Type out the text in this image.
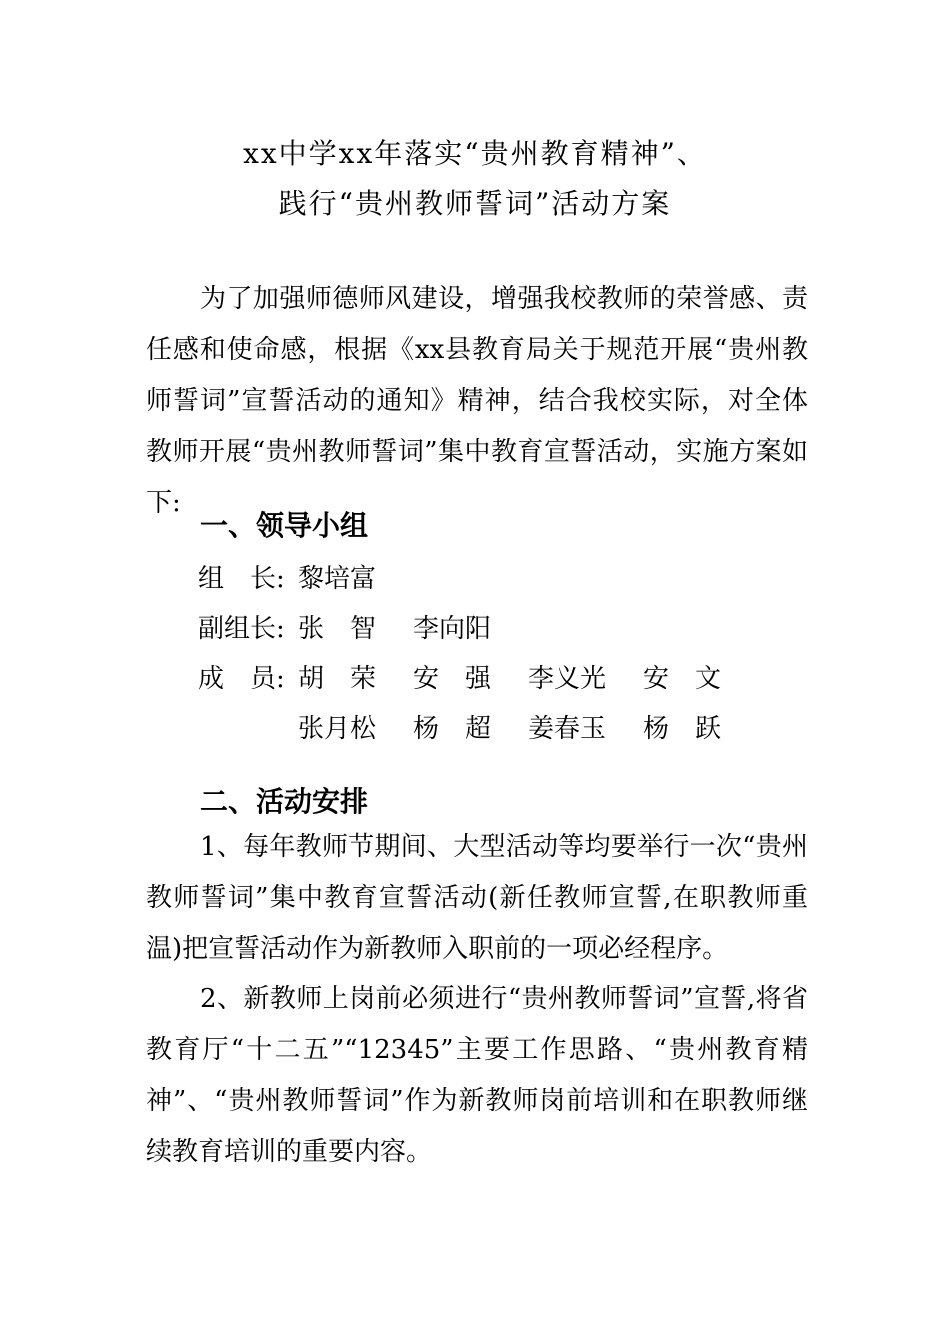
xx中学xx年落实“贵州教育精神”、
践行“贵州教师誓词”活动方案
为了加强师德师风建设，增强我校教师的荣誉感、责任感和使命感，根据《xx县教育局关于规范开展“贵州教师誓词”宣誓活动的通知》精神，结合我校实际，对全体教师开展“贵州教师誓词”集中教育宣誓活动，实施方案如下:
一、领导小组
组　长: 黎培富
副组长: 张　智 李向阳
成　员: 胡　荣 安　强 李义光 安　文
张月松 杨　超 姜春玉 杨　跃
二、活动安排
1、每年教师节期间、大型活动等均要举行一次“贵州教师誓词”集中教育宣誓活动(新任教师宣誓,在职教师重温)把宣誓活动作为新教师入职前的一项必经程序。
2、新教师上岗前必须进行“贵州教师誓词”宣誓,将省教育厅“十二五”“12345”主要工作思路、“贵州教育精神”、“贵州教师誓词”作为新教师岗前培训和在职教师继续教育培训的重要内容。
